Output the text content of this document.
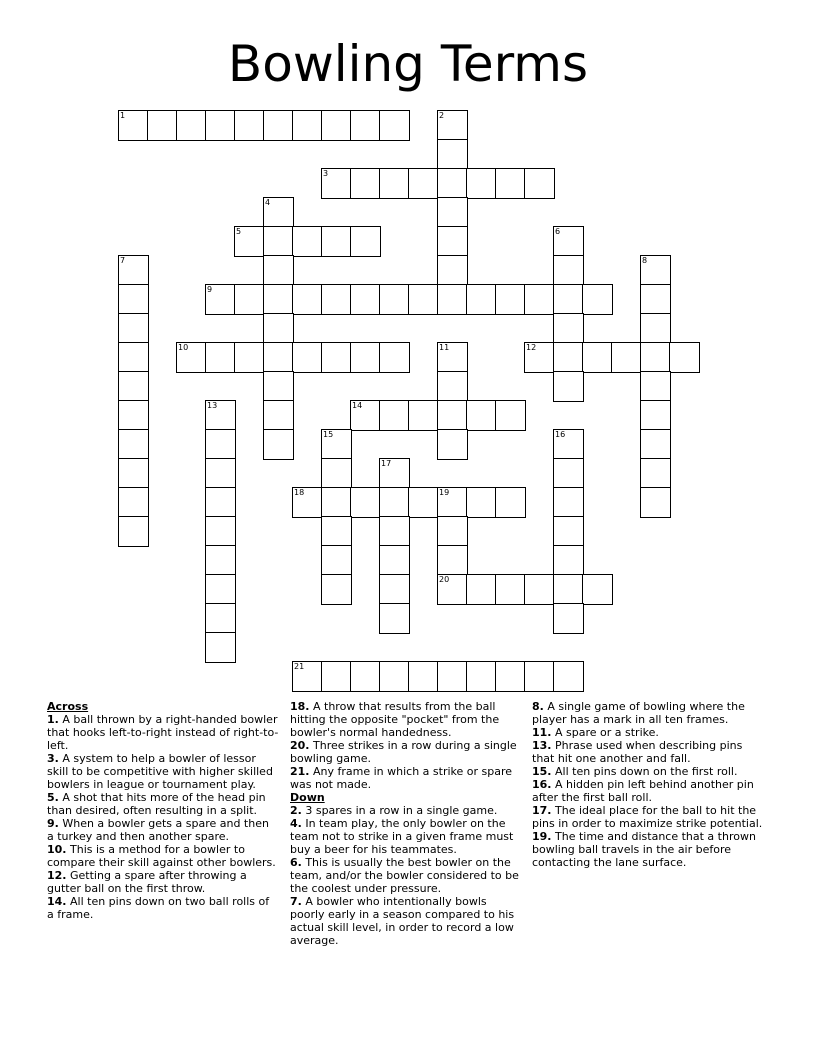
Bowling Terms
1	2
3
4
5	6
7	8
9
10	11	12
13	14
15	16
17
18	19
20
21
Across
1. A ball thrown by a right-handed bowler that hooks left-to-right instead of right-to-left.
3. A system to help a bowler of lessor skill to be competitive with higher skilled bowlers in league or tournament play.
5. A shot that hits more of the head pin than desired, often resulting in a split.
9. When a bowler gets a spare and then a turkey and then another spare.
10. This is a method for a bowler to compare their skill against other bowlers.
12. Getting a spare after throwing a gutter ball on the first throw.
14. All ten pins down on two ball rolls of a frame.
18. A throw that results from the ball hitting the opposite "pocket" from the bowler's normal handedness.
20. Three strikes in a row during a single bowling game.
21. Any frame in which a strike or spare was not made.
Down
2. 3 spares in a row in a single game.
4. In team play, the only bowler on the team not to strike in a given frame must buy a beer for his teammates.
6. This is usually the best bowler on the team, and/or the bowler considered to be the coolest under pressure.
7. A bowler who intentionally bowls poorly early in a season compared to his actual skill level, in order to record a low average.
8. A single game of bowling where the player has a mark in all ten frames.
11. A spare or a strike.
13. Phrase used when describing pins that hit one another and fall.
15. All ten pins down on the first roll.
16. A hidden pin left behind another pin after the first ball roll.
17. The ideal place for the ball to hit the pins in order to maximize strike potential.
19. The time and distance that a thrown bowling ball travels in the air before contacting the lane surface.
